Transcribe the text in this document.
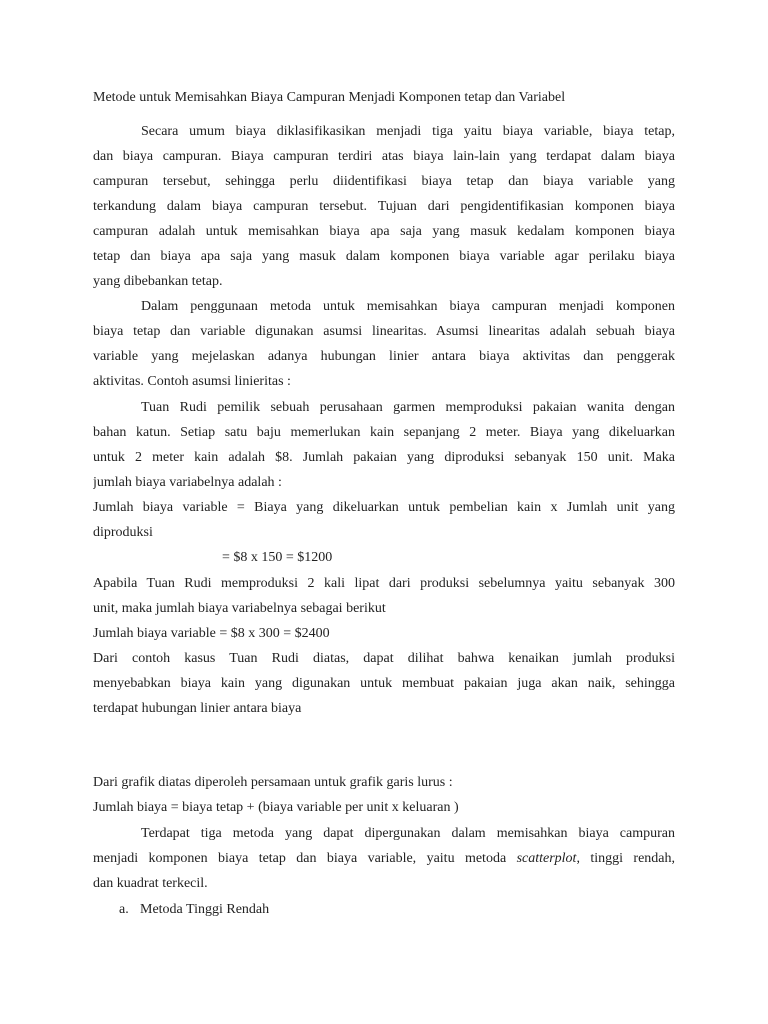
Metode untuk Memisahkan Biaya Campuran Menjadi Komponen tetap dan Variabel
Secara umum biaya diklasifikasikan menjadi tiga yaitu biaya variable, biaya tetap,
dan biaya campuran. Biaya campuran terdiri atas biaya lain-lain yang terdapat dalam biaya
campuran tersebut, sehingga perlu diidentifikasi biaya tetap dan biaya variable yang
terkandung dalam biaya campuran tersebut. Tujuan dari pengidentifikasian komponen biaya
campuran adalah untuk memisahkan biaya apa saja yang masuk kedalam komponen biaya
tetap dan biaya apa saja yang masuk dalam komponen biaya variable agar perilaku biaya
yang dibebankan tetap.
Dalam penggunaan metoda untuk memisahkan biaya campuran menjadi komponen
biaya tetap dan variable digunakan asumsi linearitas. Asumsi linearitas adalah sebuah biaya
variable yang mejelaskan adanya hubungan linier antara biaya aktivitas dan penggerak
aktivitas. Contoh asumsi linieritas :
Tuan Rudi pemilik sebuah perusahaan garmen memproduksi pakaian wanita dengan
bahan katun. Setiap satu baju memerlukan kain sepanjang 2 meter. Biaya yang dikeluarkan
untuk 2 meter kain adalah $8. Jumlah pakaian yang diproduksi sebanyak 150 unit. Maka
jumlah biaya variabelnya adalah :
Jumlah biaya variable = Biaya yang dikeluarkan untuk pembelian kain x Jumlah unit yang
diproduksi
= $8 x 150 = $1200
Apabila Tuan Rudi memproduksi 2 kali lipat dari produksi sebelumnya yaitu sebanyak 300
unit, maka jumlah biaya variabelnya sebagai berikut
Jumlah biaya variable = $8 x 300 = $2400
Dari contoh kasus Tuan Rudi diatas, dapat dilihat bahwa kenaikan jumlah produksi
menyebabkan biaya kain yang digunakan untuk membuat pakaian juga akan naik, sehingga
terdapat hubungan linier antara biaya
Dari grafik diatas diperoleh persamaan untuk grafik garis lurus :
Jumlah biaya = biaya tetap + (biaya variable per unit x keluaran )
Terdapat tiga metoda yang dapat dipergunakan dalam memisahkan biaya campuran
menjadi komponen biaya tetap dan biaya variable, yaitu metoda scatterplot, tinggi rendah,
dan kuadrat terkecil.
a. Metoda Tinggi Rendah
